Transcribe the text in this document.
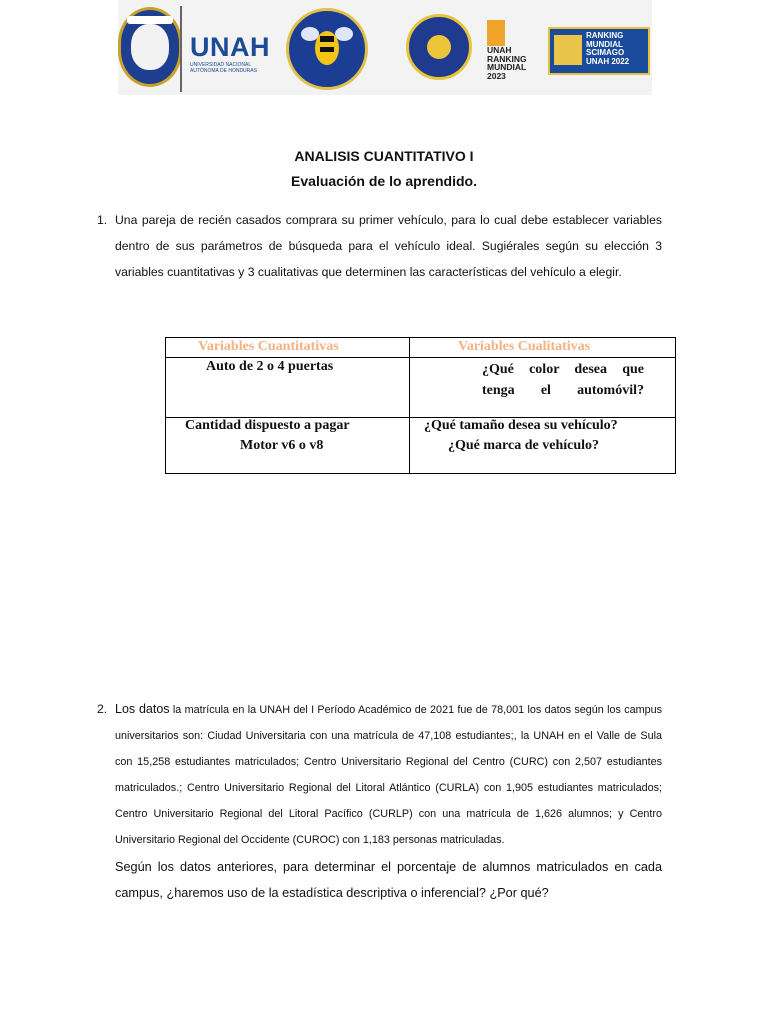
UNAH
UNIVERSIDAD NACIONAL AUTÓNOMA DE HONDURAS
UNAH RANKING MUNDIAL 2023
RANKING MUNDIAL SCIMAGO UNAH 2022
ANALISIS CUANTITATIVO I
Evaluación de lo aprendido.
1. Una pareja de recién casados comprara su primer vehículo, para lo cual debe establecer variables dentro de sus parámetros de búsqueda para el vehículo ideal. Sugiérales según su elección 3 variables cuantitativas y 3 cualitativas que determinen las características del vehículo a elegir.
Variables Cuantitativas	Variables Cualitativas
Auto de 2 o 4 puertas	¿Qué color desea que tenga el automóvil?
Cantidad dispuesto a pagar	¿Qué tamaño desea su vehículo?
Motor v6 o v8	¿Qué marca de vehículo?
2. Los datos la matrícula en la UNAH del I Período Académico de 2021 fue de 78,001 los datos según los campus universitarios son: Ciudad Universitaria con una matrícula de 47,108 estudiantes;, la UNAH en el Valle de Sula con 15,258 estudiantes matriculados; Centro Universitario Regional del Centro (CURC) con 2,507 estudiantes matriculados.; Centro Universitario Regional del Litoral Atlántico (CURLA) con 1,905 estudiantes matriculados; Centro Universitario Regional del Litoral Pacífico (CURLP) con una matrícula de 1,626 alumnos; y Centro Universitario Regional del Occidente (CUROC) con 1,183 personas matriculadas.
Según los datos anteriores, para determinar el porcentaje de alumnos matriculados en cada campus, ¿haremos uso de la estadística descriptiva o inferencial? ¿Por qué?
